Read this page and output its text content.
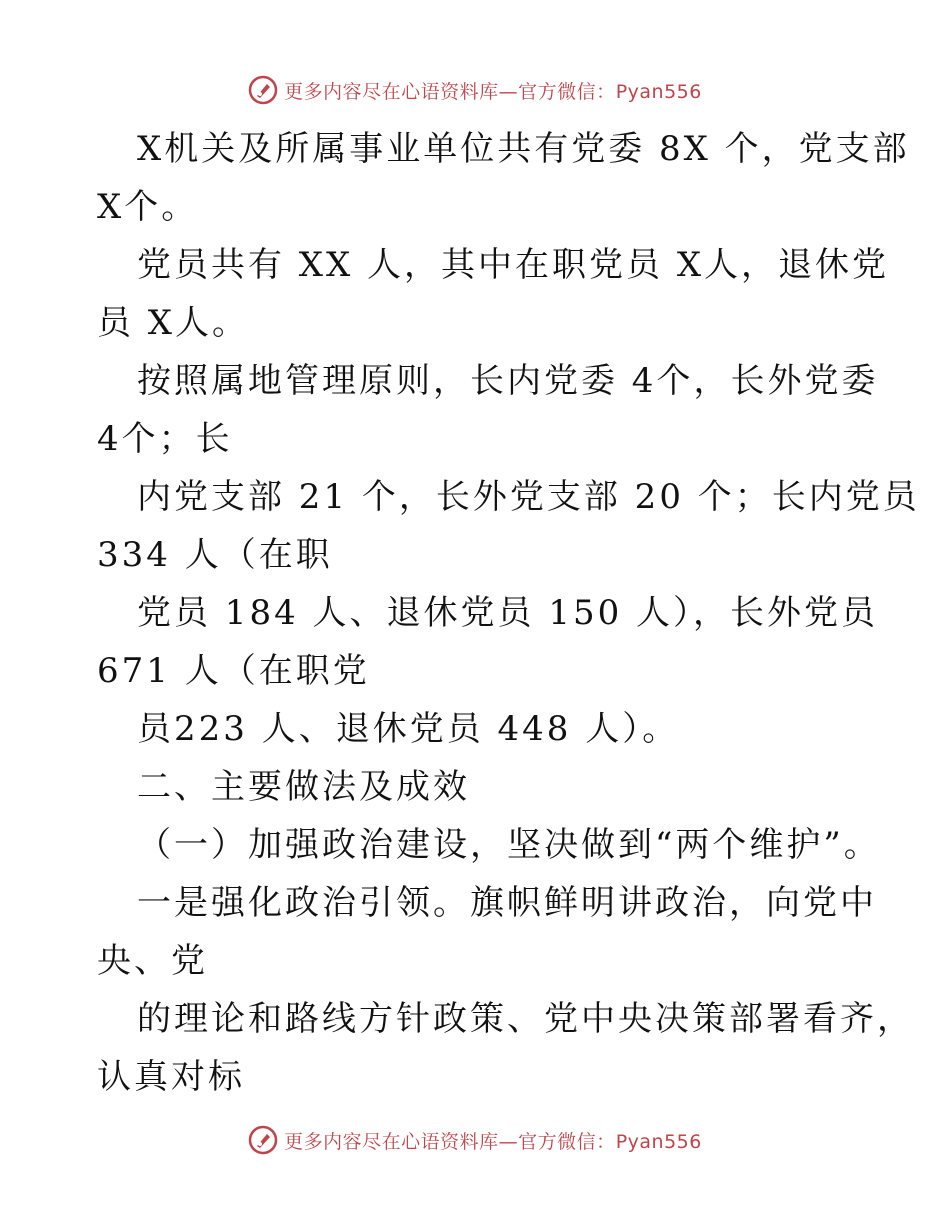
更多内容尽在心语资料库—官方微信：Pyan556
X机关及所属事业单位共有党委 8X 个，党支部
X个。
党员共有 XX 人，其中在职党员 X人，退休党
员 X人。
按照属地管理原则，长内党委 4个，长外党委
4个；长
内党支部 21 个，长外党支部 20 个；长内党员
334 人（在职
党员 184 人、退休党员 150 人），长外党员
671 人（在职党
员223 人、退休党员 448 人）。
二、主要做法及成效
（一）加强政治建设，坚决做到“两个维护”。
一是强化政治引领。旗帜鲜明讲政治，向党中
央、党
的理论和路线方针政策、党中央决策部署看齐，
认真对标
更多内容尽在心语资料库—官方微信：Pyan556
